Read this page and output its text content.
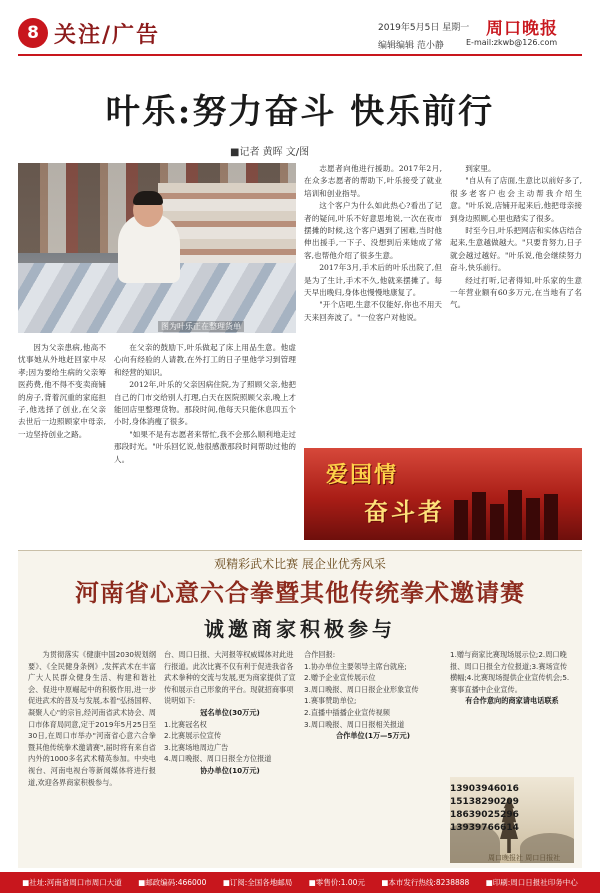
8 关注/广告	2019年5月5日 星期一
编辑编辑 范小静
周口晚报
E-mail:zkwb@126.com
叶乐:努力奋斗 快乐前行
■记者 黄晖 文/图
图为叶乐正在整理货单

因为父亲患病,他高不忧事她从外地赶回家中尽孝;因为要给生病的父亲筹医药费,他不得不变卖商铺的房子,背着沉重的家庭担子,他选择了创业,在父亲去世后一边照顾家中母亲,一边坚持创业之路。

在父亲的鼓励下,叶乐做起了床上用品生意。他虚心向有经验的人请教,在外打工的日子里他学习到管理和经营的知识。

2012年,叶乐的父亲因病住院,为了照顾父亲,他把自己的门市交给别人打理,白天在医院照顾父亲,晚上才能回店里整理货物。那段时间,他每天只能休息四五个小时,身体消瘦了很多。

"如果不是有志愿者来帮忙,我不会那么顺利地走过那段时光。"叶乐回忆说,他很感激那段时间帮助过他的人。

志愿者向他进行援助。2017年2月,在众多志愿者的帮助下,叶乐接受了就业培训和创业指导。

这个客户为什么如此热心?看出了记者的疑问,叶乐不好意思地说,一次在夜市摆摊的时候,这个客户遇到了困难,当时他伸出援手,一下子、没想到后来她成了常客,也帮他介绍了很多生意。

2017年3月,手术后的叶乐出院了,但是为了生计,手术不久,他就来摆摊了。每天早出晚归,身体也慢慢地康复了。

"开个店吧,生意不仅能好,你也不用天天来回奔波了。"一位客户对他说。

到家里。

"自从有了店面,生意比以前好多了,很多老客户也会主动帮我介绍生意。"叶乐说,店铺开起来后,他把母亲接到身边照顾,心里也踏实了很多。

时至今日,叶乐把网店和实体店结合起来,生意越做越大。"只要肯努力,日子就会越过越好。"叶乐说,他会继续努力奋斗,快乐前行。

经过打听,记者得知,叶乐家的生意一年营业额有60多万元,在当地有了名气。

爱国情
奋斗者
观精彩武术比赛 展企业优秀风采
河南省心意六合拳暨其他传统拳术邀请赛
诚邀商家积极参与
为贯彻落实《健康中国2030规划纲要》、《全民健身条例》,发挥武术在丰富广大人民群众健身生活、构建和谐社会、促进中原崛起中的积极作用,进一步促进武术的普及与发展,本着"弘扬国粹、凝聚人心"的宗旨,经河南省武术协会、周口市体育局同意,定于2019年5月25日至30日,在周口市举办"河南省心意六合拳暨其他传统拳术邀请赛",届时将有来自省内外的1000多名武术精英参加。中央电视台、河南电视台等新闻媒体将进行报道,欢迎各界商家积极参与。
台、周口日报、大河报等权威媒体对此进行报道。此次比赛不仅有利于促进我省各武术拳种的交流与发展,更为商家提供了宣传和展示自己形象的平台。现就招商事项说明如下:
冠名单位(30万元)
1.比赛冠名权
2.比赛展示位宣传
3.比赛场地周边广告
4.周口晚报、周口日报全方位报道
协办单位(10万元)
合作回报:
1.协办单位主要领导主席台就座;
2.赠予企业宣传展示位
3.周口晚报、周口日报企业形象宣传
1.赛事赞助单位;
2.直播中插播企业宣传视频
3.周口晚报、周口日报相关报道
合作单位(1万—5万元)
1.赠与商家比赛现场展示位;2.周口晚报、周口日报全方位报道;3.赛场宣传横幅;4.比赛现场提供企业宣传机会;5.赛事直播中企业宣传。
有合作意向的商家请电话联系
13903946016
15138290209
18639025296
13939766614
周口晚报社 周口日报社
■社址:河南省周口市周口大道 ■邮政编码:466000 ■订阅:全国各地邮局 ■零售价:1.00元 ■本市发行热线:8238888 ■印刷:周口日报社印务中心
